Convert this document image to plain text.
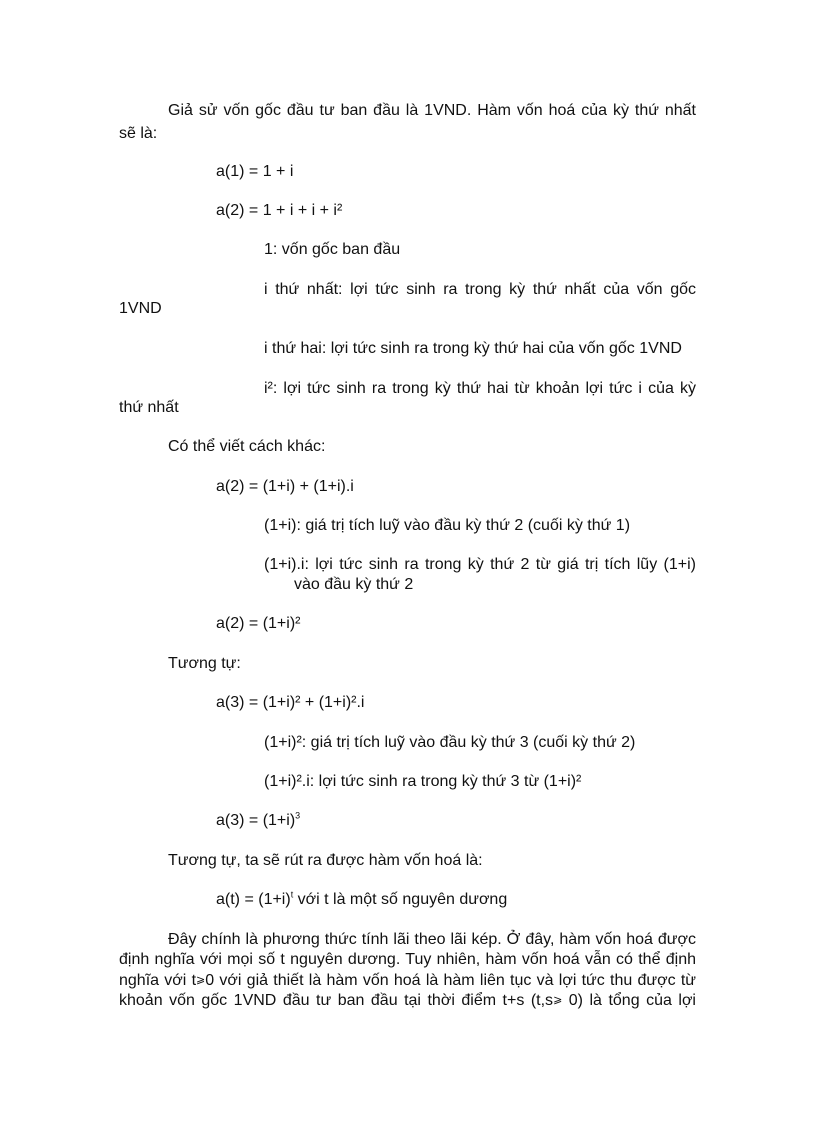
Giả sử vốn gốc đầu tư ban đầu là 1VND. Hàm vốn hoá của kỳ thứ nhất
sẽ là:
a(1) = 1 + i
a(2) = 1 + i + i + i²
1: vốn gốc ban đầu
i thứ nhất: lợi tức sinh ra trong kỳ thứ nhất của vốn gốc
1VND
i thứ hai: lợi tức sinh ra trong kỳ thứ hai của vốn gốc 1VND
i²: lợi tức sinh ra trong kỳ thứ hai từ khoản lợi tức i của kỳ
thứ nhất
Có thể viết cách khác:
a(2) = (1+i) + (1+i).i
(1+i): giá trị tích luỹ vào đầu kỳ thứ 2 (cuối kỳ thứ 1)
(1+i).i: lợi tức sinh ra trong kỳ thứ 2 từ giá trị tích lũy (1+i)
vào đầu kỳ thứ 2
a(2) = (1+i)²
Tương tự:
a(3) = (1+i)² + (1+i)².i
(1+i)²: giá trị tích luỹ vào đầu kỳ thứ 3 (cuối kỳ thứ 2)
(1+i)².i: lợi tức sinh ra trong kỳ thứ 3 từ (1+i)²
$a(3) = (1+i)^3$
Tương tự, ta sẽ rút ra được hàm vốn hoá là:
$a(t) = (1+i)^t$ với t là một số nguyên dương
Đây chính là phương thức tính lãi theo lãi kép. Ở đây, hàm vốn hoá được
định nghĩa với mọi số t nguyên dương. Tuy nhiên, hàm vốn hoá vẫn có thể định
nghĩa với t⩾0 với giả thiết là hàm vốn hoá là hàm liên tục và lợi tức thu được từ
khoản vốn gốc 1VND đầu tư ban đầu tại thời điểm t+s (t,s⩾ 0) là tổng của lợi
